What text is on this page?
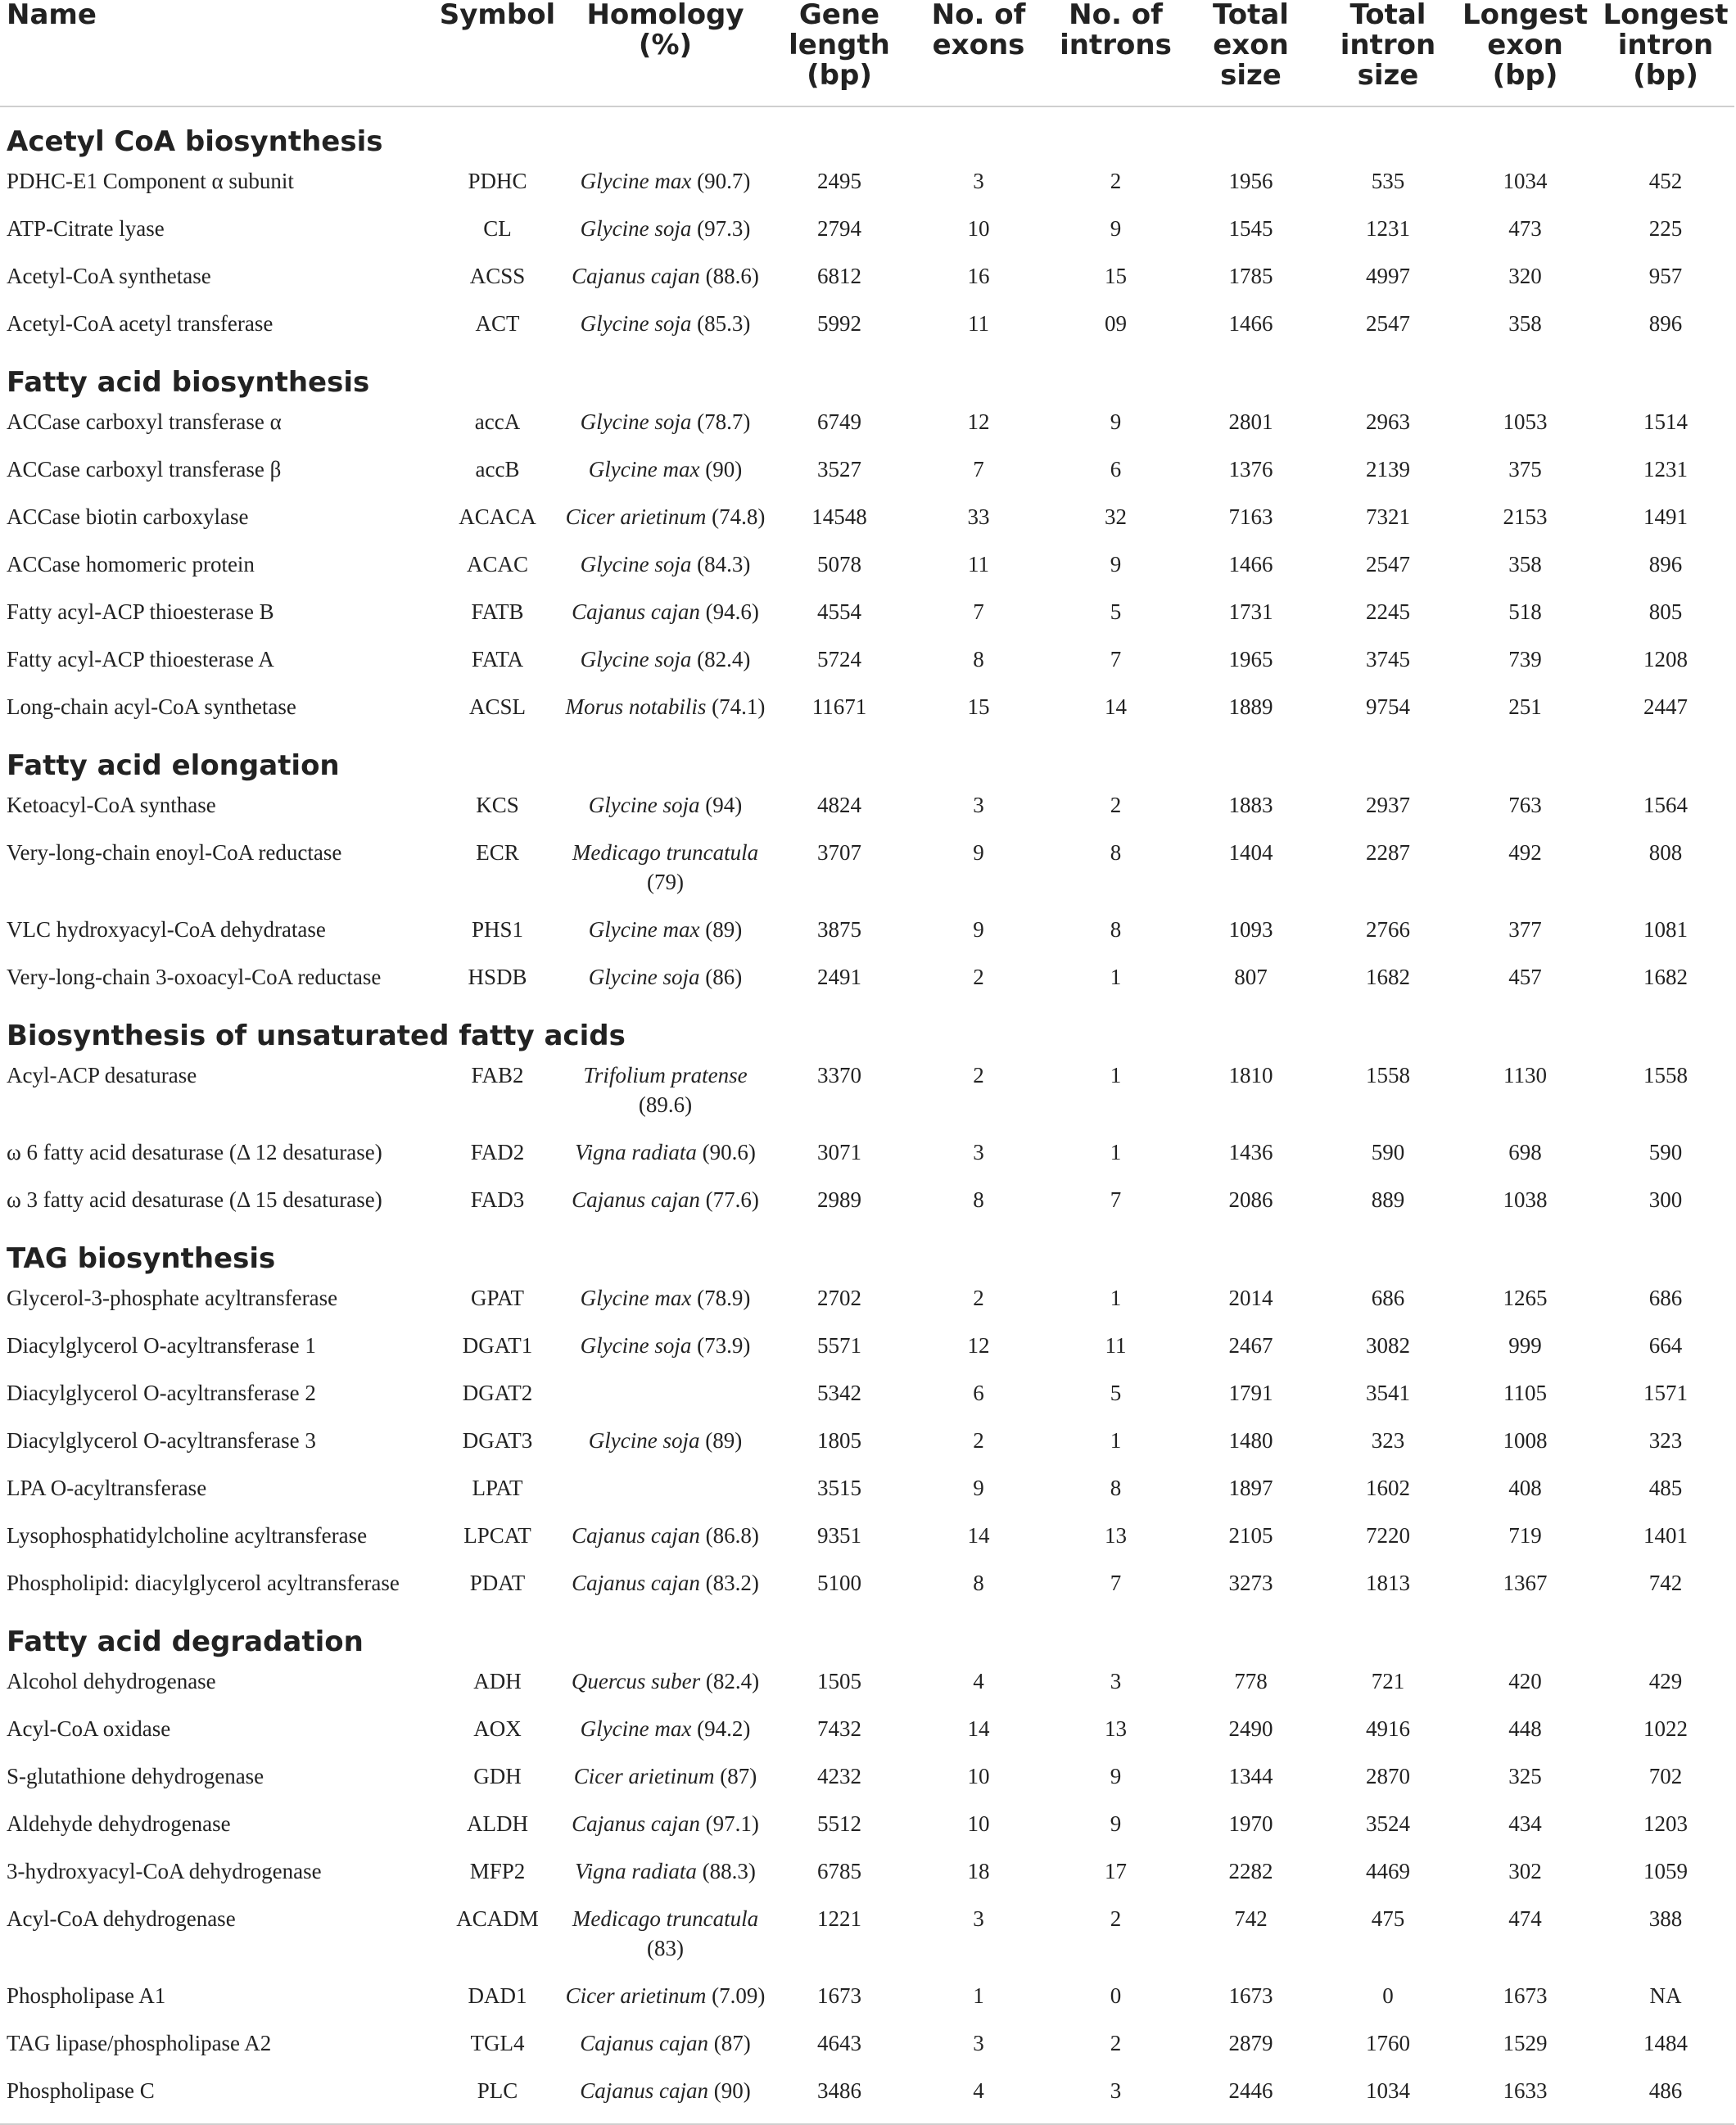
Name	Symbol	Homology (%)	Gene length (bp)	No. of exons	No. of introns	Total exon size	Total intron size	Longest exon (bp)	Longest intron (bp)
Acetyl CoA biosynthesis									
PDHC-E1 Component α subunit	PDHC	Glycine max (90.7)	2495	3	2	1956	535	1034	452
ATP-Citrate lyase	CL	Glycine soja (97.3)	2794	10	9	1545	1231	473	225
Acetyl-CoA synthetase	ACSS	Cajanus cajan (88.6)	6812	16	15	1785	4997	320	957
Acetyl-CoA acetyl transferase	ACT	Glycine soja (85.3)	5992	11	09	1466	2547	358	896
Fatty acid biosynthesis									
ACCase carboxyl transferase α	accA	Glycine soja (78.7)	6749	12	9	2801	2963	1053	1514
ACCase carboxyl transferase β	accB	Glycine max (90)	3527	7	6	1376	2139	375	1231
ACCase biotin carboxylase	ACACA	Cicer arietinum (74.8)	14548	33	32	7163	7321	2153	1491
ACCase homomeric protein	ACAC	Glycine soja (84.3)	5078	11	9	1466	2547	358	896
Fatty acyl-ACP thioesterase B	FATB	Cajanus cajan (94.6)	4554	7	5	1731	2245	518	805
Fatty acyl-ACP thioesterase A	FATA	Glycine soja (82.4)	5724	8	7	1965	3745	739	1208
Long-chain acyl-CoA synthetase	ACSL	Morus notabilis (74.1)	11671	15	14	1889	9754	251	2447
Fatty acid elongation									
Ketoacyl-CoA synthase	KCS	Glycine soja (94)	4824	3	2	1883	2937	763	1564
Very-long-chain enoyl-CoA reductase	ECR	Medicago truncatula (79)	3707	9	8	1404	2287	492	808
VLC hydroxyacyl-CoA dehydratase	PHS1	Glycine max (89)	3875	9	8	1093	2766	377	1081
Very-long-chain 3-oxoacyl-CoA reductase	HSDB	Glycine soja (86)	2491	2	1	807	1682	457	1682
Biosynthesis of unsaturated fatty acids									
Acyl-ACP desaturase	FAB2	Trifolium pratense (89.6)	3370	2	1	1810	1558	1130	1558
ω 6 fatty acid desaturase (Δ 12 desaturase)	FAD2	Vigna radiata (90.6)	3071	3	1	1436	590	698	590
ω 3 fatty acid desaturase (Δ 15 desaturase)	FAD3	Cajanus cajan (77.6)	2989	8	7	2086	889	1038	300
TAG biosynthesis									
Glycerol-3-phosphate acyltransferase	GPAT	Glycine max (78.9)	2702	2	1	2014	686	1265	686
Diacylglycerol O-acyltransferase 1	DGAT1	Glycine soja (73.9)	5571	12	11	2467	3082	999	664
Diacylglycerol O-acyltransferase 2	DGAT2		5342	6	5	1791	3541	1105	1571
Diacylglycerol O-acyltransferase 3	DGAT3	Glycine soja (89)	1805	2	1	1480	323	1008	323
LPA O-acyltransferase	LPAT		3515	9	8	1897	1602	408	485
Lysophosphatidylcholine acyltransferase	LPCAT	Cajanus cajan (86.8)	9351	14	13	2105	7220	719	1401
Phospholipid: diacylglycerol acyltransferase	PDAT	Cajanus cajan (83.2)	5100	8	7	3273	1813	1367	742
Fatty acid degradation									
Alcohol dehydrogenase	ADH	Quercus suber (82.4)	1505	4	3	778	721	420	429
Acyl-CoA oxidase	AOX	Glycine max (94.2)	7432	14	13	2490	4916	448	1022
S-glutathione dehydrogenase	GDH	Cicer arietinum (87)	4232	10	9	1344	2870	325	702
Aldehyde dehydrogenase	ALDH	Cajanus cajan (97.1)	5512	10	9	1970	3524	434	1203
3-hydroxyacyl-CoA dehydrogenase	MFP2	Vigna radiata (88.3)	6785	18	17	2282	4469	302	1059
Acyl-CoA dehydrogenase	ACADM	Medicago truncatula (83)	1221	3	2	742	475	474	388
Phospholipase A1	DAD1	Cicer arietinum (7.09)	1673	1	0	1673	0	1673	NA
TAG lipase/phospholipase A2	TGL4	Cajanus cajan (87)	4643	3	2	2879	1760	1529	1484
Phospholipase C	PLC	Cajanus cajan (90)	3486	4	3	2446	1034	1633	486
